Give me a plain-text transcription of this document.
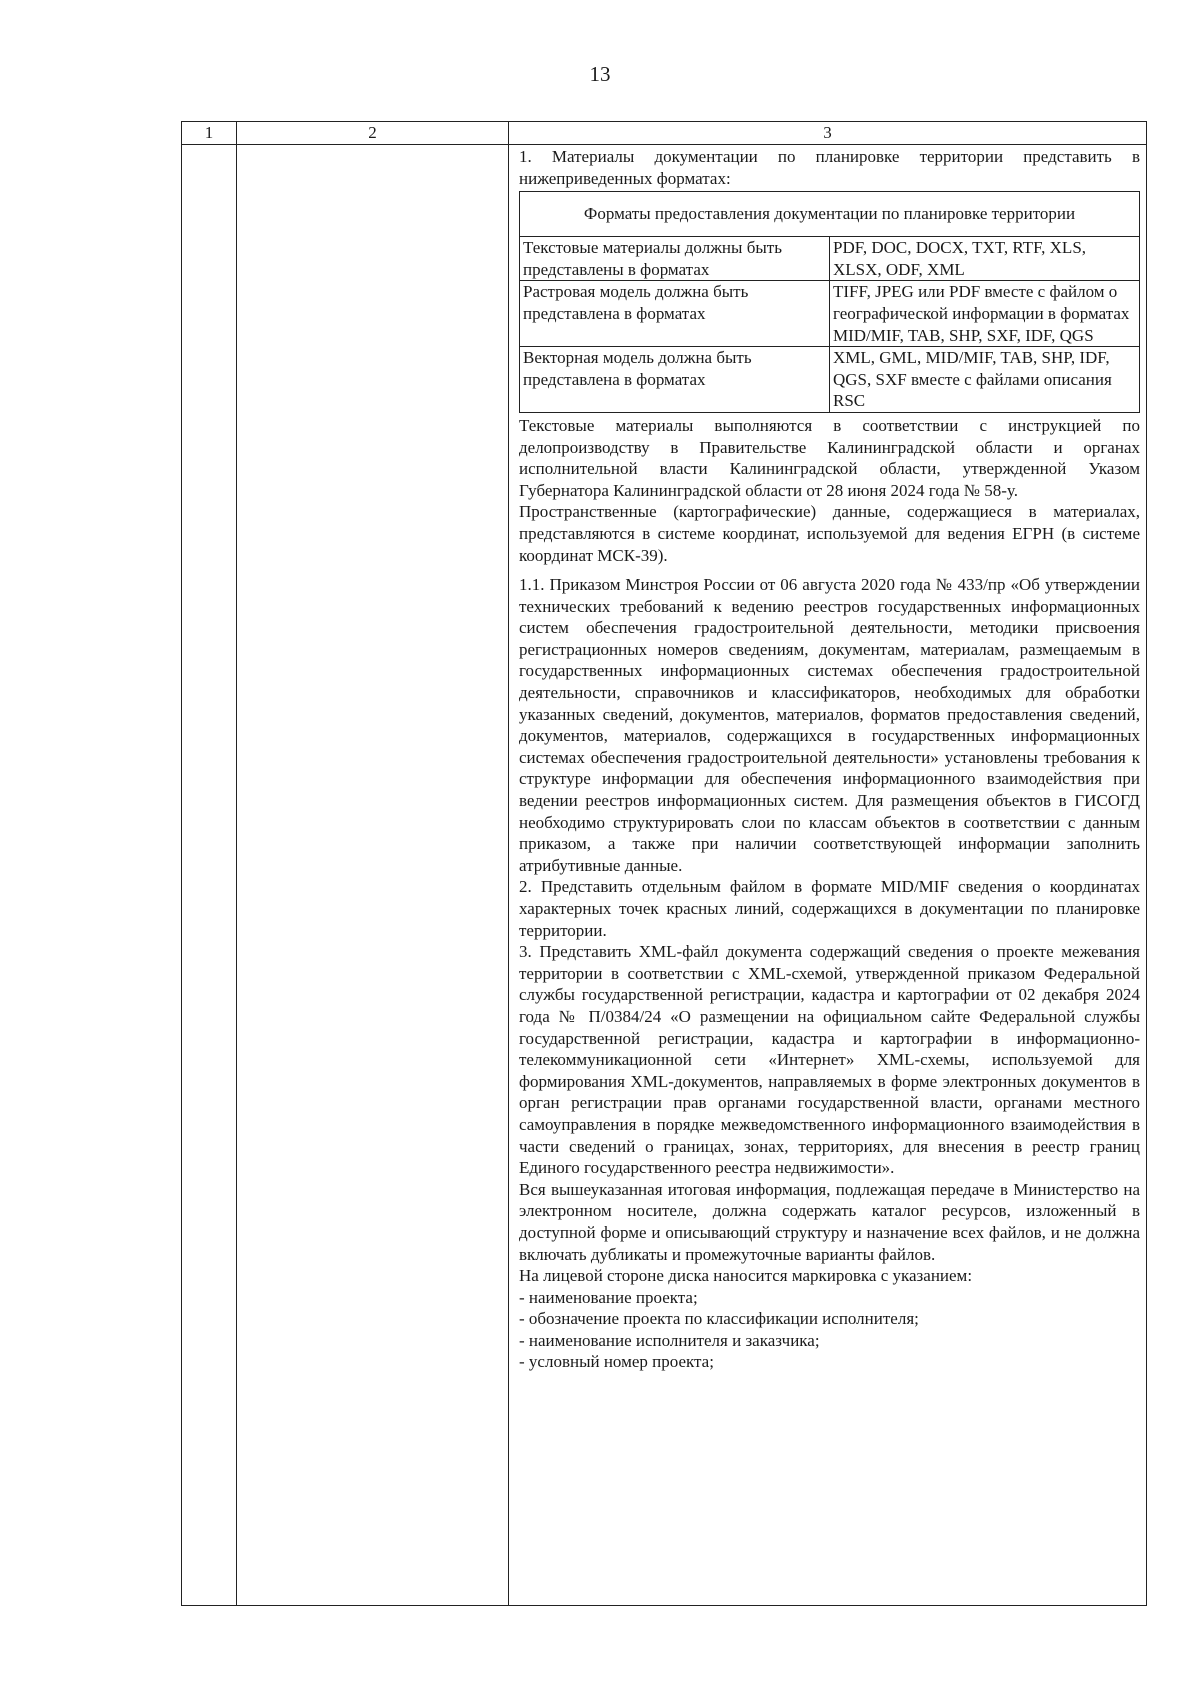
13
1	2	3

1. Материалы документации по планировке территории представить в нижеприведенных форматах:
Форматы предоставления документации по планировке территории
Текстовые материалы должны быть представлены в форматах	PDF, DOC, DOCX, TXT, RTF, XLS, XLSX, ODF, XML
Растровая модель должна быть представлена в форматах	TIFF, JPEG или PDF вместе с файлом о географической информации в форматах MID/MIF, TAB, SHP, SXF, IDF, QGS
Векторная модель должна быть представлена в форматах	XML, GML, MID/MIF, TAB, SHP, IDF, QGS, SXF вместе с файлами описания RSC
Текстовые материалы выполняются в соответствии с инструкцией по делопроизводству в Правительстве Калининградской области и органах исполнительной власти Калининградской области, утвержденной Указом Губернатора Калининградской области от 28 июня 2024 года № 58-у.
Пространственные (картографические) данные, содержащиеся в материалах, представляются в системе координат, используемой для ведения ЕГРН (в системе координат МСК-39).
1.1. Приказом Минстроя России от 06 августа 2020 года № 433/пр «Об утверждении технических требований к ведению реестров государственных информационных систем обеспечения градостроительной деятельности, методики присвоения регистрационных номеров сведениям, документам, материалам, размещаемым в государственных информационных системах обеспечения градостроительной деятельности, справочников и классификаторов, необходимых для обработки указанных сведений, документов, материалов, форматов предоставления сведений, документов, материалов, содержащихся в государственных информационных системах обеспечения градостроительной деятельности» установлены требования к структуре информации для обеспечения информационного взаимодействия при ведении реестров информационных систем. Для размещения объектов в ГИСОГД необходимо структурировать слои по классам объектов в соответствии с данным приказом, а также при наличии соответствующей информации заполнить атрибутивные данные.
2. Представить отдельным файлом в формате MID/MIF сведения о координатах характерных точек красных линий, содержащихся в документации по планировке территории.
3. Представить XML-файл документа содержащий сведения о проекте межевания территории в соответствии с XML-схемой, утвержденной приказом Федеральной службы государственной регистрации, кадастра и картографии от 02 декабря 2024 года № П/0384/24 «О размещении на официальном сайте Федеральной службы государственной регистрации, кадастра и картографии в информационно-телекоммуникационной сети «Интернет» XML-схемы, используемой для формирования XML-документов, направляемых в форме электронных документов в орган регистрации прав органами государственной власти, органами местного самоуправления в порядке межведомственного информационного взаимодействия в части сведений о границах, зонах, территориях, для внесения в реестр границ Единого государственного реестра недвижимости».
Вся вышеуказанная итоговая информация, подлежащая передаче в Министерство на электронном носителе, должна содержать каталог ресурсов, изложенный в доступной форме и описывающий структуру и назначение всех файлов, и не должна включать дубликаты и промежуточные варианты файлов.
На лицевой стороне диска наносится маркировка с указанием:
- наименование проекта;
- обозначение проекта по классификации исполнителя;
- наименование исполнителя и заказчика;
- условный номер проекта;
